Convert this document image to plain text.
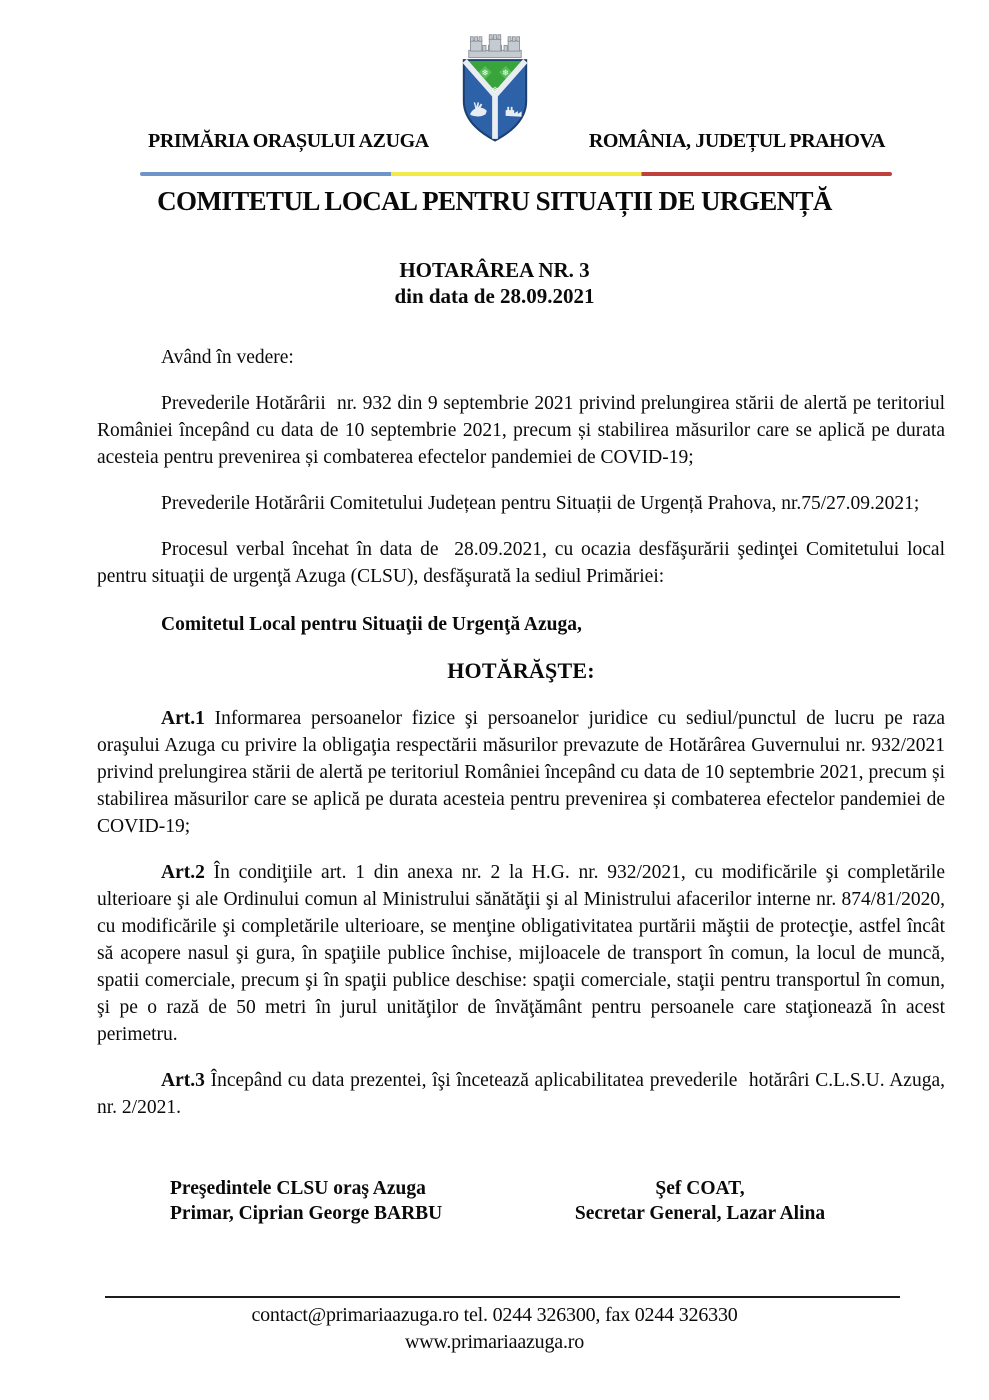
❄ ❄
❄
PRIMĂRIA ORAȘULUI AZUGA	ROMÂNIA, JUDEȚUL PRAHOVA
COMITETUL LOCAL PENTRU SITUAȚII DE URGENȚĂ
HOTARÂREA NR. 3
din data de 28.09.2021

Având în vedere:

Prevederile Hotărârii  nr. 932 din 9 septembrie 2021 privind prelungirea stării de alertă pe teritoriul României începând cu data de 10 septembrie 2021, precum și stabilirea măsurilor care se aplică pe durata acesteia pentru prevenirea și combaterea efectelor pandemiei de COVID-19;

Prevederile Hotărârii Comitetului Județean pentru Situații de Urgență Prahova, nr.75/27.09.2021;

Procesul verbal încehat în data de  28.09.2021, cu ocazia desfăşurării şedinţei Comitetului local pentru situaţii de urgenţă Azuga (CLSU), desfăşurată la sediul Primăriei:

Comitetul Local pentru Situaţii de Urgenţă Azuga,

HOTĂRĂŞTE:

Art.1 Informarea persoanelor fizice şi persoanelor juridice cu sediul/punctul de lucru pe raza oraşului Azuga cu privire la obligaţia respectării măsurilor prevazute de Hotărârea Guvernului nr. 932/2021 privind prelungirea stării de alertă pe teritoriul României începând cu data de 10 septembrie 2021, precum și stabilirea măsurilor care se aplică pe durata acesteia pentru prevenirea și combaterea efectelor pandemiei de COVID-19;

Art.2 În condiţiile art. 1 din anexa nr. 2 la H.G. nr. 932/2021, cu modificările şi completările ulterioare şi ale Ordinului comun al Ministrului sănătăţii şi al Ministrului afacerilor interne nr. 874/81/2020, cu modificările şi completările ulterioare, se menţine obligativitatea purtării măştii de protecţie, astfel încât să acopere nasul şi gura, în spaţiile publice închise, mijloacele de transport în comun, la locul de muncă, spatii comerciale, precum şi în spaţii publice deschise: spaţii comerciale, staţii pentru transportul în comun, şi pe o rază de 50 metri în jurul unităţilor de învăţământ pentru persoanele care staţionează în acest perimetru.

Art.3 Începând cu data prezentei, îşi încetează aplicabilitatea prevederile  hotărâri C.L.S.U. Azuga, nr. 2/2021.

Preşedintele CLSU oraş Azuga
Primar, Ciprian George BARBU
Şef COAT,
Secretar General, Lazar Alina
contact@primariaazuga.ro tel. 0244 326300, fax 0244 326330
www.primariaazuga.ro
